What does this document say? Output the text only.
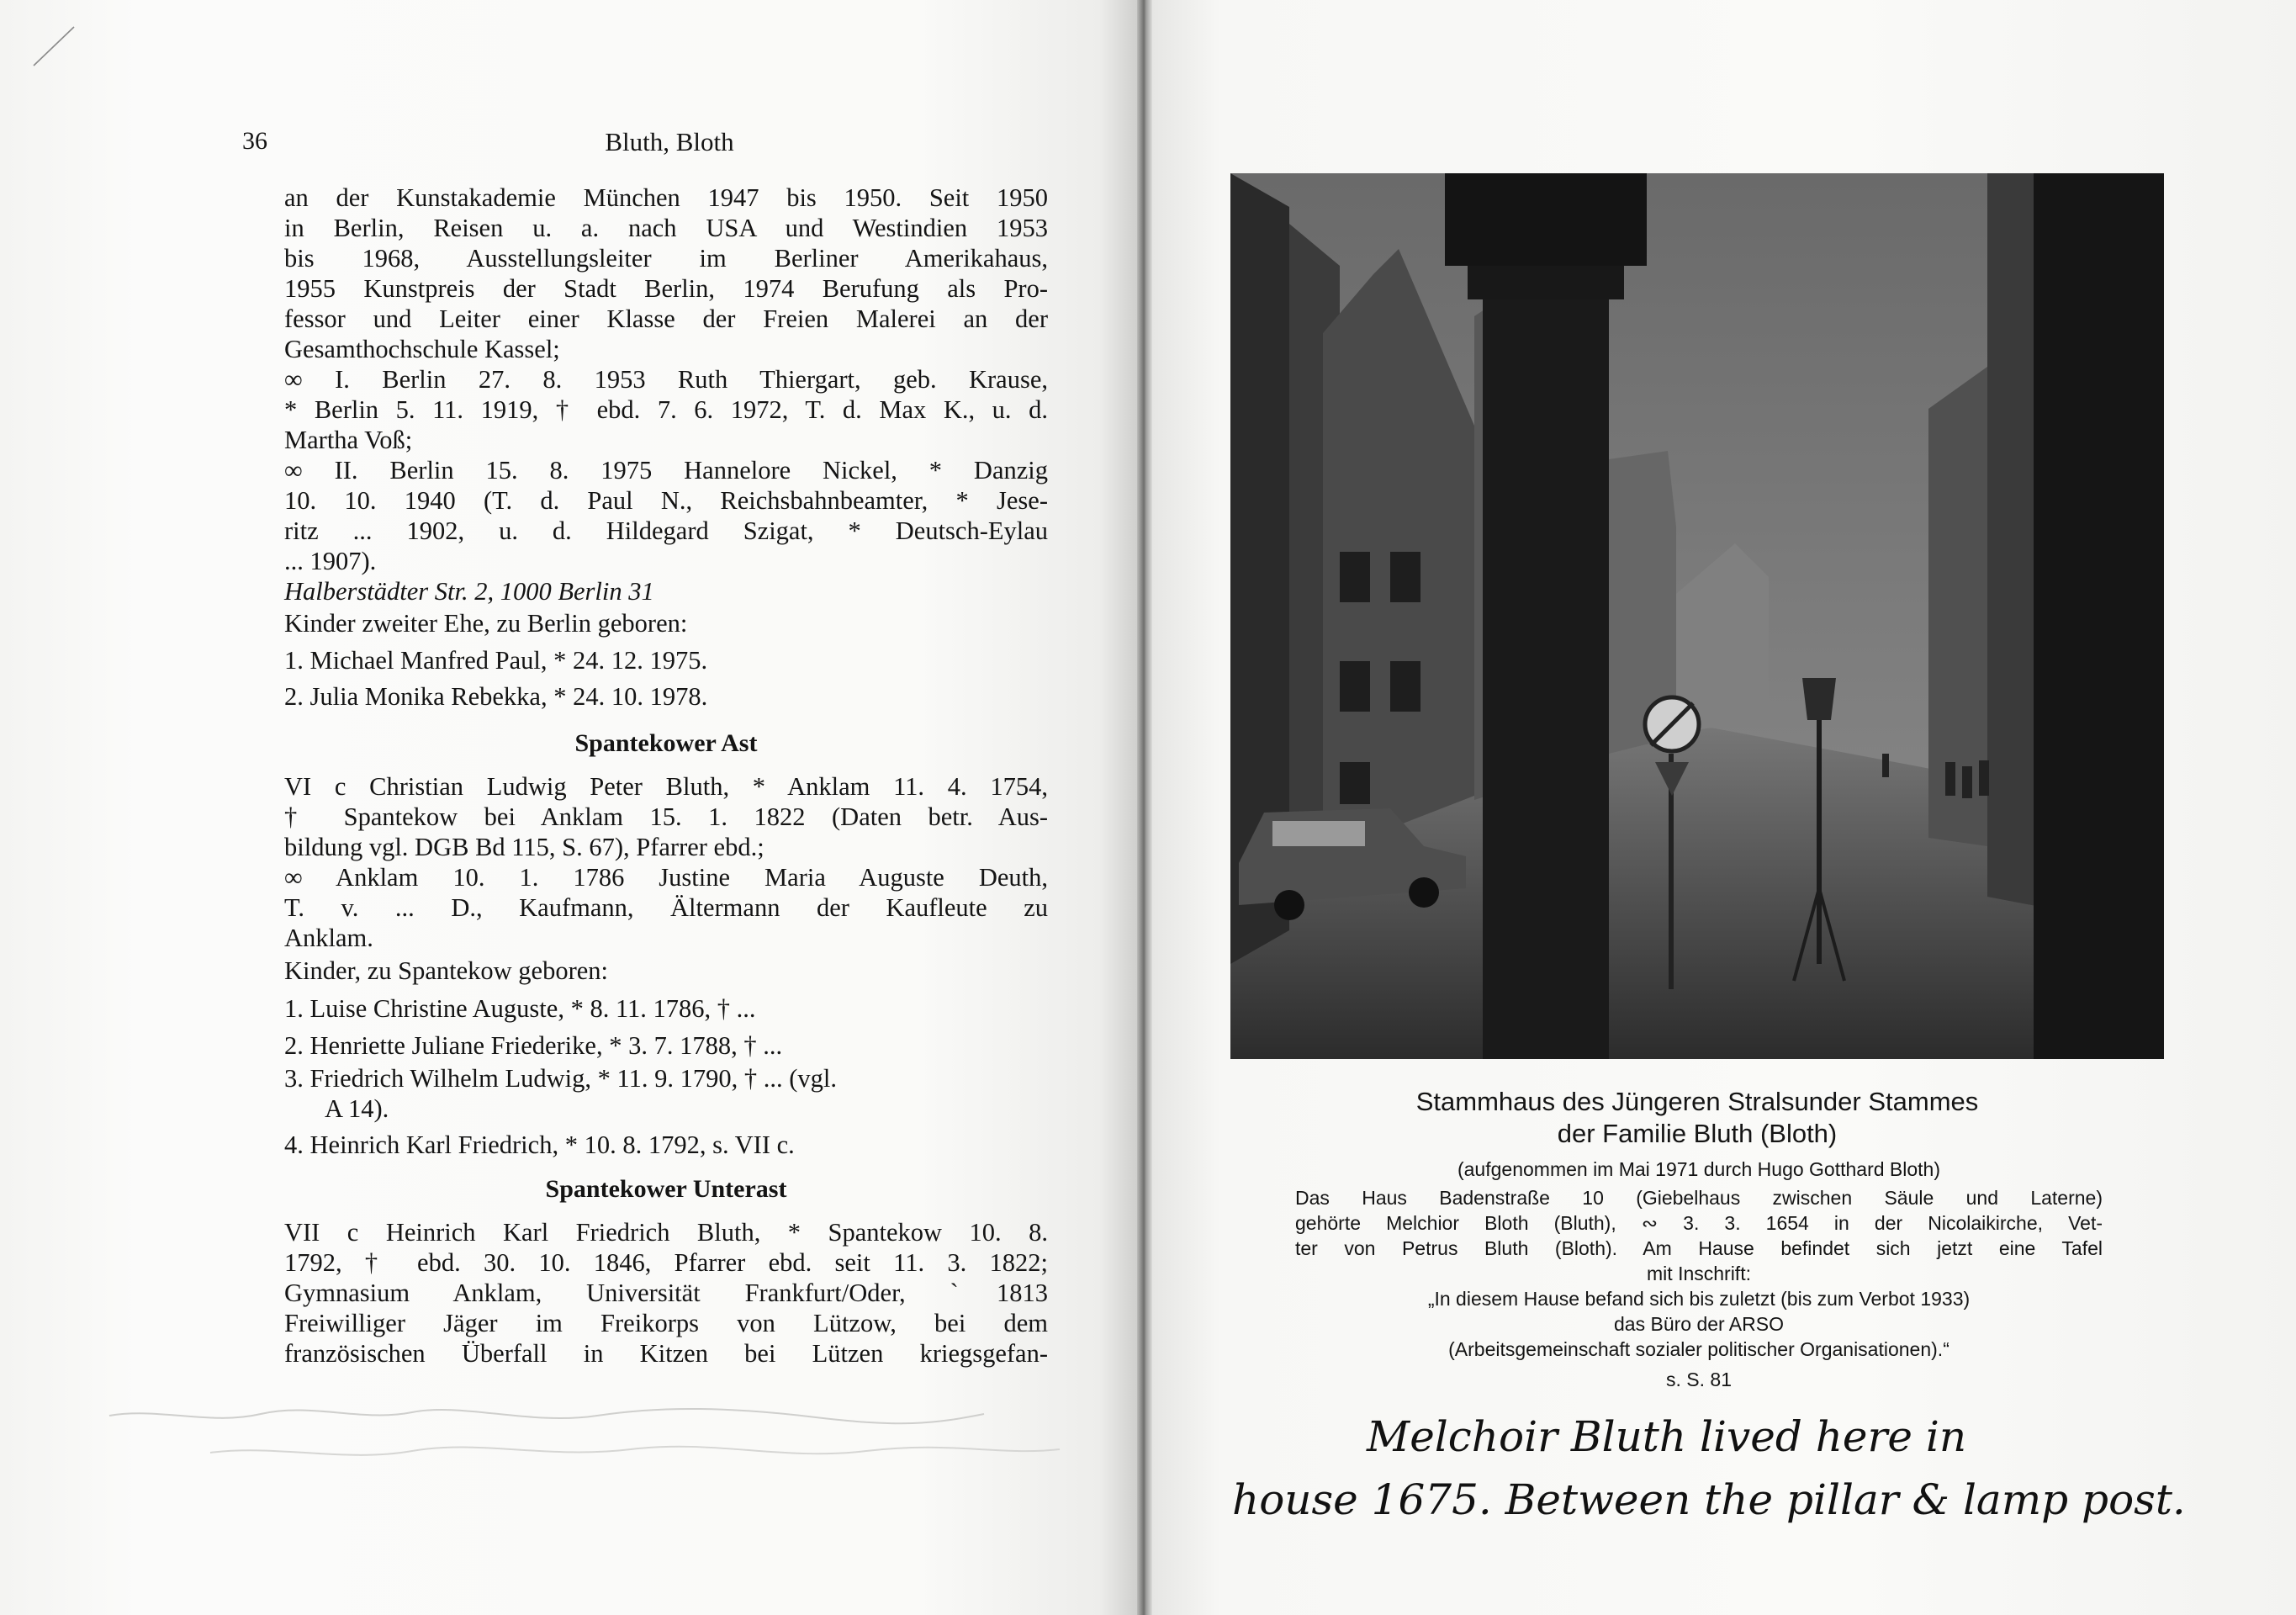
36	Bluth, Bloth
an der Kunstakademie München 1947 bis 1950. Seit 1950
in Berlin, Reisen u. a. nach USA und Westindien 1953
bis 1968, Ausstellungsleiter im Berliner Amerikahaus,
1955 Kunstpreis der Stadt Berlin, 1974 Berufung als Pro-
fessor und Leiter einer Klasse der Freien Malerei an der
Gesamthochschule Kassel;
∞ I. Berlin 27. 8. 1953 Ruth Thiergart, geb. Krause,
* Berlin 5. 11. 1919, † ebd. 7. 6. 1972, T. d. Max K., u. d.
Martha Voß;
∞ II. Berlin 15. 8. 1975 Hannelore Nickel, * Danzig
10. 10. 1940 (T. d. Paul N., Reichsbahnbeamter, * Jese-
ritz ... 1902, u. d. Hildegard Szigat, * Deutsch-Eylau
... 1907).
Halberstädter Str. 2, 1000 Berlin 31
Kinder zweiter Ehe, zu Berlin geboren:
1. Michael Manfred Paul, * 24. 12. 1975.
2. Julia Monika Rebekka, * 24. 10. 1978.
Spantekower Ast
VI c Christian Ludwig Peter Bluth, * Anklam 11. 4. 1754,
† Spantekow bei Anklam 15. 1. 1822 (Daten betr. Aus-
bildung vgl. DGB Bd 115, S. 67), Pfarrer ebd.;
∞ Anklam 10. 1. 1786 Justine Maria Auguste Deuth,
T. v. ... D., Kaufmann, Ältermann der Kaufleute zu
Anklam.
Kinder, zu Spantekow geboren:
1. Luise Christine Auguste, * 8. 11. 1786, † ...
2. Henriette Juliane Friederike, * 3. 7. 1788, † ...
3. Friedrich Wilhelm Ludwig, * 11. 9. 1790, † ... (vgl.
A 14).
4. Heinrich Karl Friedrich, * 10. 8. 1792, s. VII c.
Spantekower Unterast
VII c Heinrich Karl Friedrich Bluth, * Spantekow 10. 8.
1792, † ebd. 30. 10. 1846, Pfarrer ebd. seit 11. 3. 1822;
Gymnasium Anklam, Universität Frankfurt/Oder, ˋ1813
Freiwilliger Jäger im Freikorps von Lützow, bei dem
französischen Überfall in Kitzen bei Lützen kriegsgefan-
Stammhaus des Jüngeren Stralsunder Stammes
der Familie Bluth (Bloth)
(aufgenommen im Mai 1971 durch Hugo Gotthard Bloth)
Das Haus Badenstraße 10 (Giebelhaus zwischen Säule und Laterne)
gehörte Melchior Bloth (Bluth), ∾ 3. 3. 1654 in der Nicolaikirche, Vet-
ter von Petrus Bluth (Bloth). Am Hause befindet sich jetzt eine Tafel
mit Inschrift:
„In diesem Hause befand sich bis zuletzt (bis zum Verbot 1933)
das Büro der ARSO
(Arbeitsgemeinschaft sozialer politischer Organisationen).“
s. S. 81
Melchoir Bluth lived here in
house 1675. Between the pillar & lamp post.
